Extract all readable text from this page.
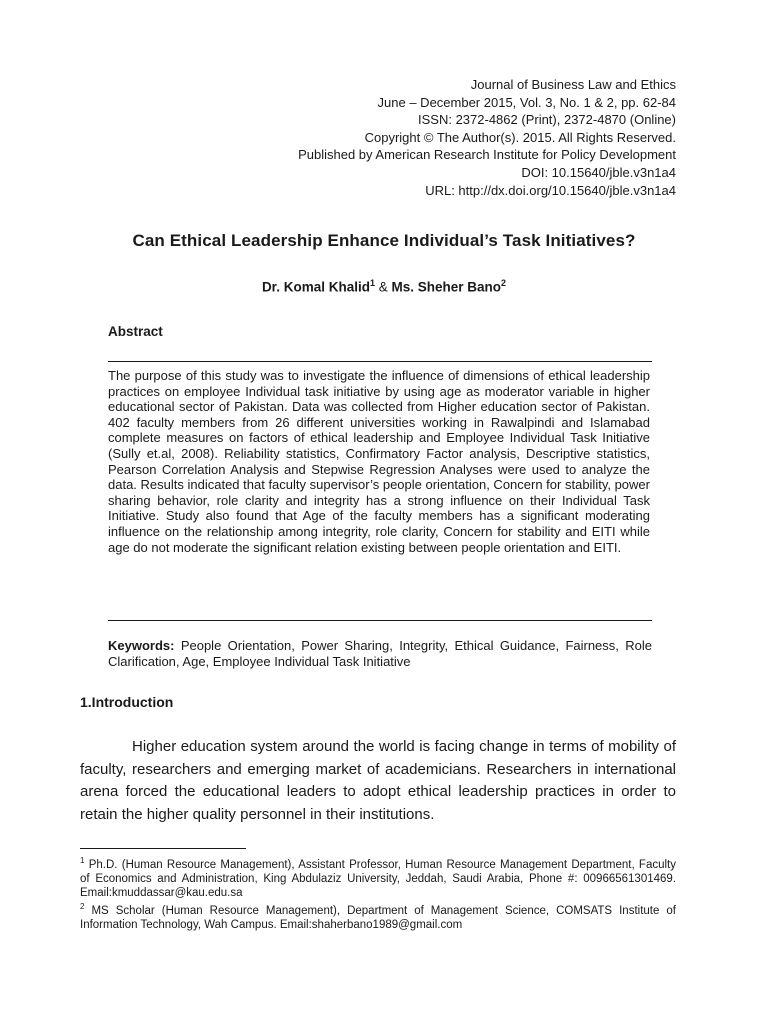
Journal of Business Law and Ethics
June – December 2015, Vol. 3, No. 1 & 2, pp. 62-84
ISSN: 2372-4862 (Print), 2372-4870 (Online)
Copyright © The Author(s). 2015. All Rights Reserved.
Published by American Research Institute for Policy Development
DOI: 10.15640/jble.v3n1a4
URL: http://dx.doi.org/10.15640/jble.v3n1a4
Can Ethical Leadership Enhance Individual’s Task Initiatives?
Dr. Komal Khalid$^1$ & Ms. Sheher Bano$^2$
Abstract
The purpose of this study was to investigate the influence of dimensions of ethical leadership practices on employee Individual task initiative by using age as moderator variable in higher educational sector of Pakistan. Data was collected from Higher education sector of Pakistan. 402 faculty members from 26 different universities working in Rawalpindi and Islamabad complete measures on factors of ethical leadership and Employee Individual Task Initiative (Sully et.al, 2008). Reliability statistics, Confirmatory Factor analysis, Descriptive statistics, Pearson Correlation Analysis and Stepwise Regression Analyses were used to analyze the data. Results indicated that faculty supervisor’s people orientation, Concern for stability, power sharing behavior, role clarity and integrity has a strong influence on their Individual Task Initiative. Study also found that Age of the faculty members has a significant moderating influence on the relationship among integrity, role clarity, Concern for stability and EITI while age do not moderate the significant relation existing between people orientation and EITI.
Keywords: People Orientation, Power Sharing, Integrity, Ethical Guidance, Fairness, Role Clarification, Age, Employee Individual Task Initiative
1.Introduction
Higher education system around the world is facing change in terms of mobility of faculty, researchers and emerging market of academicians. Researchers in international arena forced the educational leaders to adopt ethical leadership practices in order to retain the higher quality personnel in their institutions.
$^1$ Ph.D. (Human Resource Management), Assistant Professor, Human Resource Management Department, Faculty of Economics and Administration, King Abdulaziz University, Jeddah, Saudi Arabia, Phone #: 00966561301469. Email:kmuddassar@kau.edu.sa
$^2$ MS Scholar (Human Resource Management), Department of Management Science, COMSATS Institute of Information Technology, Wah Campus. Email:shaherbano1989@gmail.com
